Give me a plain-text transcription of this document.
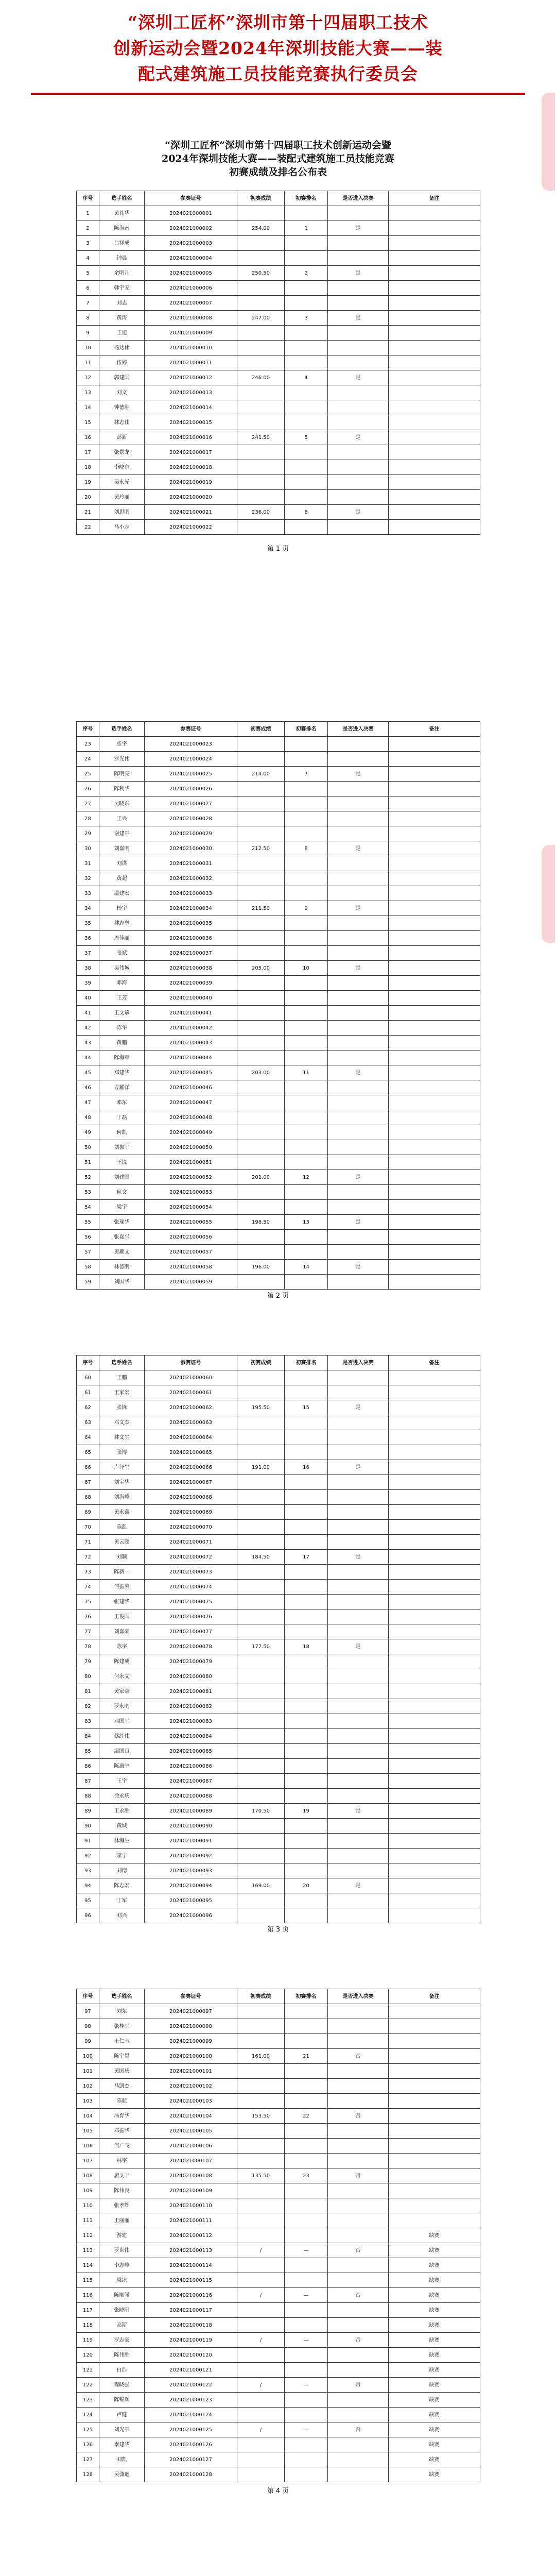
“深圳工匠杯”深圳市第十四届职工技术
创新运动会暨2024年深圳技能大赛——装
配式建筑施工员技能竞赛执行委员会
“深圳工匠杯”深圳市第十四届职工技术创新运动会暨
2024年深圳技能大赛——装配式建筑施工员技能竞赛
初赛成绩及排名公布表
序号	选手姓名	参赛证号	初赛成绩	初赛排名	是否进入决赛	备注
1	黄礼华	2024021000001				
2	陈海南	2024021000002	254.00	1	是	
3	吕祥成	2024021000003				
4	钟晨	2024021000004				
5	余明凡	2024021000005	250.50	2	是	
6	韩宇安	2024021000006				
7	刘志	2024021000007				
8	黄涛	2024021000008	247.00	3	是	
9	王旭	2024021000009				
10	杨达伟	2024021000010				
11	伍婷	2024021000011				
12	郭建国	2024021000012	246.00	4	是	
13	刘文	2024021000013				
14	钟德胜	2024021000014				
15	林志伟	2024021000015				
16	彭新	2024021000016	241.50	5	是	
17	张景龙	2024021000017				
18	李晓东	2024021000018				
19	吴永光	2024021000019				
20	黄玲丽	2024021000020				
21	刘思明	2024021000021	236.00	6	是	
22	马小志	2024021000022				
第 1 页
序号	选手姓名	参赛证号	初赛成绩	初赛排名	是否进入决赛	备注
23	张宇	2024021000023				
24	罗光伟	2024021000024				
25	陈明亮	2024021000025	214.00	7	是	
26	陈利华	2024021000026				
27	吴晓东	2024021000027				
28	王兴	2024021000028				
29	谢建平	2024021000029				
30	刘嘉明	2024021000030	212.50	8	是	
31	刘洪	2024021000031				
32	黄超	2024021000032				
33	温建宏	2024021000033				
34	杨宇	2024021000034	211.50	9	是	
35	林志坚	2024021000035				
36	周佳丽	2024021000036				
37	张斌	2024021000037				
38	吴伟城	2024021000038	205.00	10	是	
39	邓海	2024021000039				
40	王芳	2024021000040				
41	王文斌	2024021000041				
42	陈华	2024021000042				
43	黄鹏	2024021000043				
44	陈海军	2024021000044				
45	郑建华	2024021000045	203.00	11	是	
46	方耀洋	2024021000046				
47	邓东	2024021000047				
48	丁磊	2024021000048				
49	何凯	2024021000049				
50	刘振宇	2024021000050				
51	王锐	2024021000051				
52	刘建国	2024021000052	201.00	12	是	
53	何文	2024021000053				
54	梁宇	2024021000054				
55	张瑞华	2024021000055	198.50	13	是	
56	张嘉兴	2024021000056				
57	黄耀文	2024021000057				
58	林德鹏	2024021000058	196.00	14	是	
59	刘国华	2024021000059				
第 2 页
序号	选手姓名	参赛证号	初赛成绩	初赛排名	是否进入决赛	备注
60	王鹏	2024021000060				
61	王家宏	2024021000061				
62	张锋	2024021000062	195.50	15	是	
63	邓文杰	2024021000063				
64	林文生	2024021000064				
65	张博	2024021000065				
66	卢泽生	2024021000066	191.00	16	是	
67	刘宝华	2024021000067				
68	刘海峰	2024021000068				
69	黄永鑫	2024021000069				
70	陈凯	2024021000070				
71	黄云超	2024021000071				
72	刘颖	2024021000072	184.50	17	是	
73	陈新一	2024021000073				
74	何振荣	2024021000074				
75	张建华	2024021000075				
76	王俊国	2024021000076				
77	刘嘉豪	2024021000077				
78	陈宇	2024021000078	177.50	18	是	
79	陈建成	2024021000079				
80	何永文	2024021000080				
81	黄家豪	2024021000081				
82	罗永明	2024021000082				
83	邓国平	2024021000083				
84	蔡红伟	2024021000084				
85	温国良	2024021000085				
86	陈康宁	2024021000086				
87	王宇	2024021000087				
88	徐永庆	2024021000088				
89	王永胜	2024021000089	170.50	19	是	
90	黄城	2024021000090				
91	林海生	2024021000091				
92	李宁	2024021000092				
93	刘德	2024021000093				
94	陈志宏	2024021000094	169.00	20	是	
95	丁军	2024021000095				
96	刘兴	2024021000096				
第 3 页
序号	选手姓名	参赛证号	初赛成绩	初赛排名	是否进入决赛	备注
97	刘东	2024021000097				
98	张桂平	2024021000098				
99	王仁卡	2024021000099				
100	陈宇昊	2024021000100	161.00	21	否	
101	黄国庆	2024021000101				
102	马凯杰	2024021000102				
103	陈航	2024021000103				
104	冯育华	2024021000104	153.50	22	否	
105	邓振华	2024021000105				
106	何广飞	2024021000106				
107	林宇	2024021000107				
108	唐文丰	2024021000108	135.50	23	否	
109	陈伟良	2024021000109				
110	张孝辉	2024021000110				
111	王丽丽	2024021000111				
112	游建	2024021000112				缺赛
113	罗世伟	2024021000113	/	—	否	缺赛
114	李志峰	2024021000114				缺赛
115	梁冰	2024021000115				缺赛
116	陈顺强	2024021000116	/	—	否	缺赛
117	张晓阳	2024021000117				缺赛
118	高斯	2024021000118				缺赛
119	罗志豪	2024021000119	/	—	否	缺赛
120	陈伟胜	2024021000120				缺赛
121	白浩	2024021000121				缺赛
122	程晓强	2024021000122	/	—	否	缺赛
123	陈锦辉	2024021000123				缺赛
124	卢健	2024021000124				缺赛
125	刘光平	2024021000125	/	—	否	缺赛
126	李建华	2024021000126				缺赛
127	刘凯	2024021000127				缺赛
128	吴潇逊	2024021000128				缺赛
第 4 页
